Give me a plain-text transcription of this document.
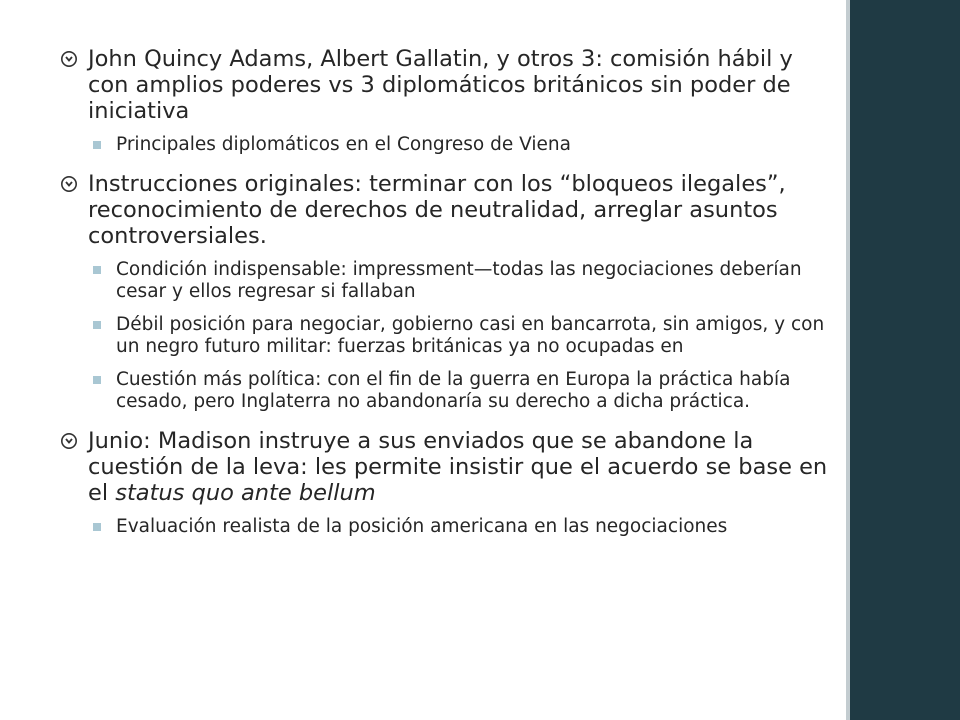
John Quincy Adams, Albert Gallatin, y otros 3: comisión hábil y con amplios poderes vs 3 diplomáticos británicos sin poder de iniciativa
Principales diplomáticos en el Congreso de Viena
Instrucciones originales: terminar con los “bloqueos ilegales”, reconocimiento de derechos de neutralidad, arreglar asuntos controversiales.
Condición indispensable: impressment—todas las negociaciones deberían cesar y ellos regresar si fallaban
Débil posición para negociar, gobierno casi en bancarrota, sin amigos, y con un negro futuro militar: fuerzas británicas ya no ocupadas en
Cuestión más política: con el fin de la guerra en Europa la práctica había cesado, pero Inglaterra no abandonaría su derecho a dicha práctica.
Junio: Madison instruye a sus enviados que se abandone la cuestión de la leva: les permite insistir que el acuerdo se base en el status quo ante bellum
Evaluación realista de la posición americana en las negociaciones
